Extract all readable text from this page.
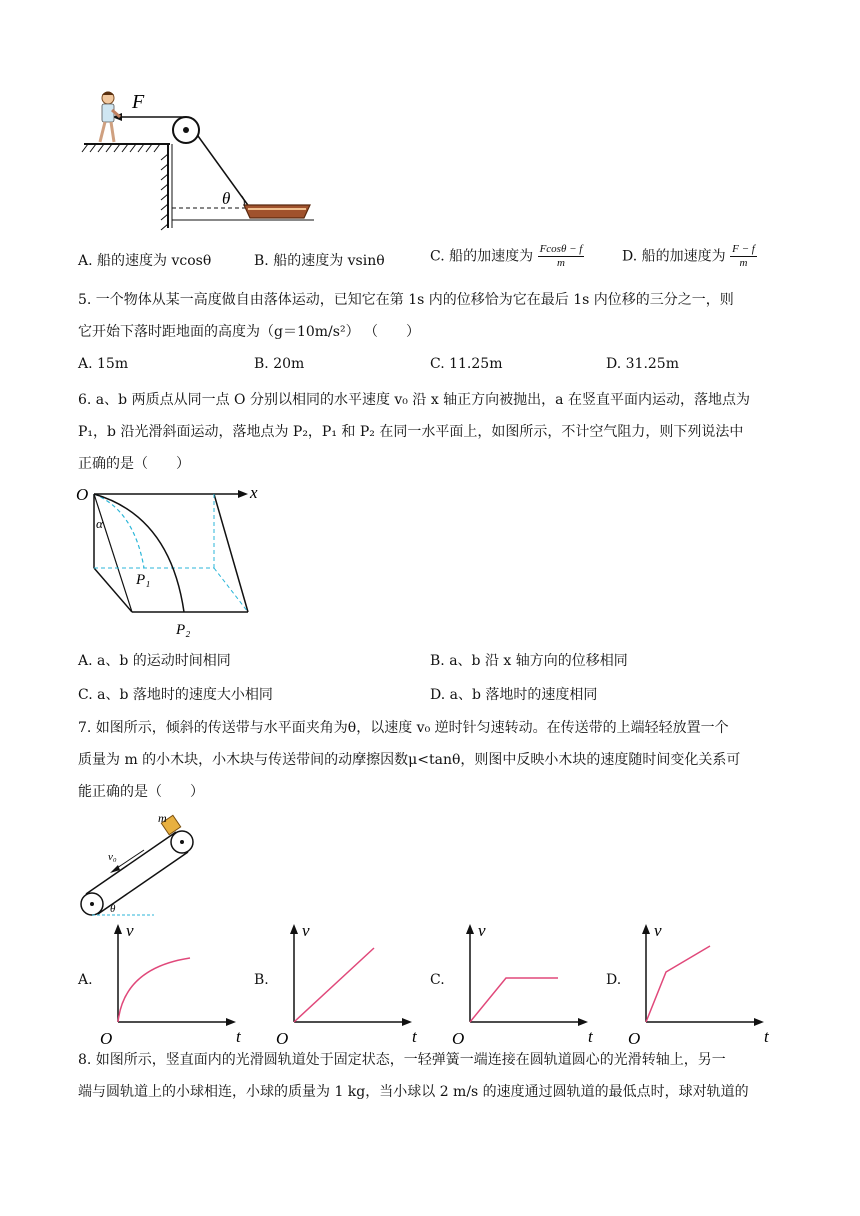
F
θ
A. 船的速度为 vcosθ	B. 船的速度为 vsinθ	C. 船的加速度为 $\frac{Fcos\theta - f}{m}$	D. 船的加速度为 $\frac{F - f}{m}$
5. 一个物体从某一高度做自由落体运动，已知它在第 1s 内的位移恰为它在最后 1s 内位移的三分之一，则
它开始下落时距地面的高度为（g＝10m/s²） （　　）
A. 15m	B. 20m	C. 11.25m	D. 31.25m
6. a、b 两质点从同一点 O 分别以相同的水平速度 v₀ 沿 x 轴正方向被抛出，a 在竖直平面内运动，落地点为
P₁，b 沿光滑斜面运动，落地点为 P₂，P₁ 和 P₂ 在同一水平面上，如图所示，不计空气阻力，则下列说法中
正确的是（　　）
O	x
α
P₁
P₂
A. a、b 的运动时间相同	B. a、b 沿 x 轴方向的位移相同
C. a、b 落地时的速度大小相同	D. a、b 落地时的速度相同
7. 如图所示，倾斜的传送带与水平面夹角为θ，以速度 v₀ 逆时针匀速转动。在传送带的上端轻轻放置一个
质量为 m 的小木块，小木块与传送带间的动摩擦因数μ<tanθ，则图中反映小木块的速度随时间变化关系可
能正确的是（　　）
m
v₀
θ
A.
v
t
O
B.
v
t
O
C.
v
t
O
D.
v
t
O
8. 如图所示，竖直面内的光滑圆轨道处于固定状态，一轻弹簧一端连接在圆轨道圆心的光滑转轴上，另一
端与圆轨道上的小球相连，小球的质量为 1 kg，当小球以 2 m/s 的速度通过圆轨道的最低点时，球对轨道的
